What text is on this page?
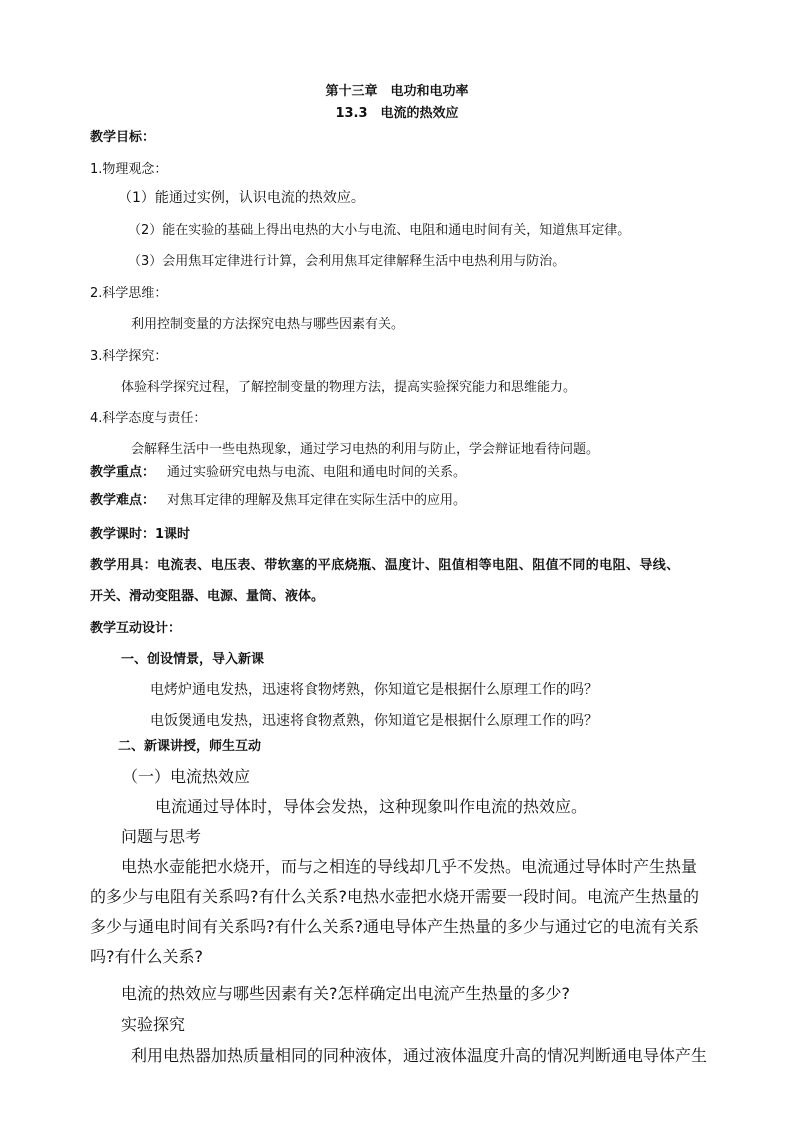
第十三章　电功和电功率
13.3　电流的热效应
教学目标：
1.物理观念：
（1）能通过实例，认识电流的热效应。
（2）能在实验的基础上得出电热的大小与电流、电阻和通电时间有关，知道焦耳定律。
（3）会用焦耳定律进行计算，会利用焦耳定律解释生活中电热利用与防治。
2.科学思维：
利用控制变量的方法探究电热与哪些因素有关。
3.科学探究：
体验科学探究过程，了解控制变量的物理方法，提高实验探究能力和思维能力。
4.科学态度与责任：
会解释生活中一些电热现象，通过学习电热的利用与防止，学会辩证地看待问题。
教学重点： 通过实验研究电热与电流、电阻和通电时间的关系。
教学难点： 对焦耳定律的理解及焦耳定律在实际生活中的应用。
教学课时：1课时
教学用具：电流表、电压表、带软塞的平底烧瓶、温度计、阻值相等电阻、阻值不同的电阻、导线、
开关、滑动变阻器、电源、量筒、液体。
教学互动设计：
一、创设情景，导入新课
电烤炉通电发热，迅速将食物烤熟，你知道它是根据什么原理工作的吗？
电饭煲通电发热，迅速将食物煮熟，你知道它是根据什么原理工作的吗？
二、新课讲授，师生互动
（一）电流热效应
电流通过导体时，导体会发热，这种现象叫作电流的热效应。
问题与思考
电热水壶能把水烧开，而与之相连的导线却几乎不发热。电流通过导体时产生热量
的多少与电阻有关系吗?有什么关系?电热水壶把水烧开需要一段时间。电流产生热量的
多少与通电时间有关系吗?有什么关系?通电导体产生热量的多少与通过它的电流有关系
吗?有什么关系?
电流的热效应与哪些因素有关?怎样确定出电流产生热量的多少?
实验探究
利用电热器加热质量相同的同种液体，通过液体温度升高的情况判断通电导体产生
